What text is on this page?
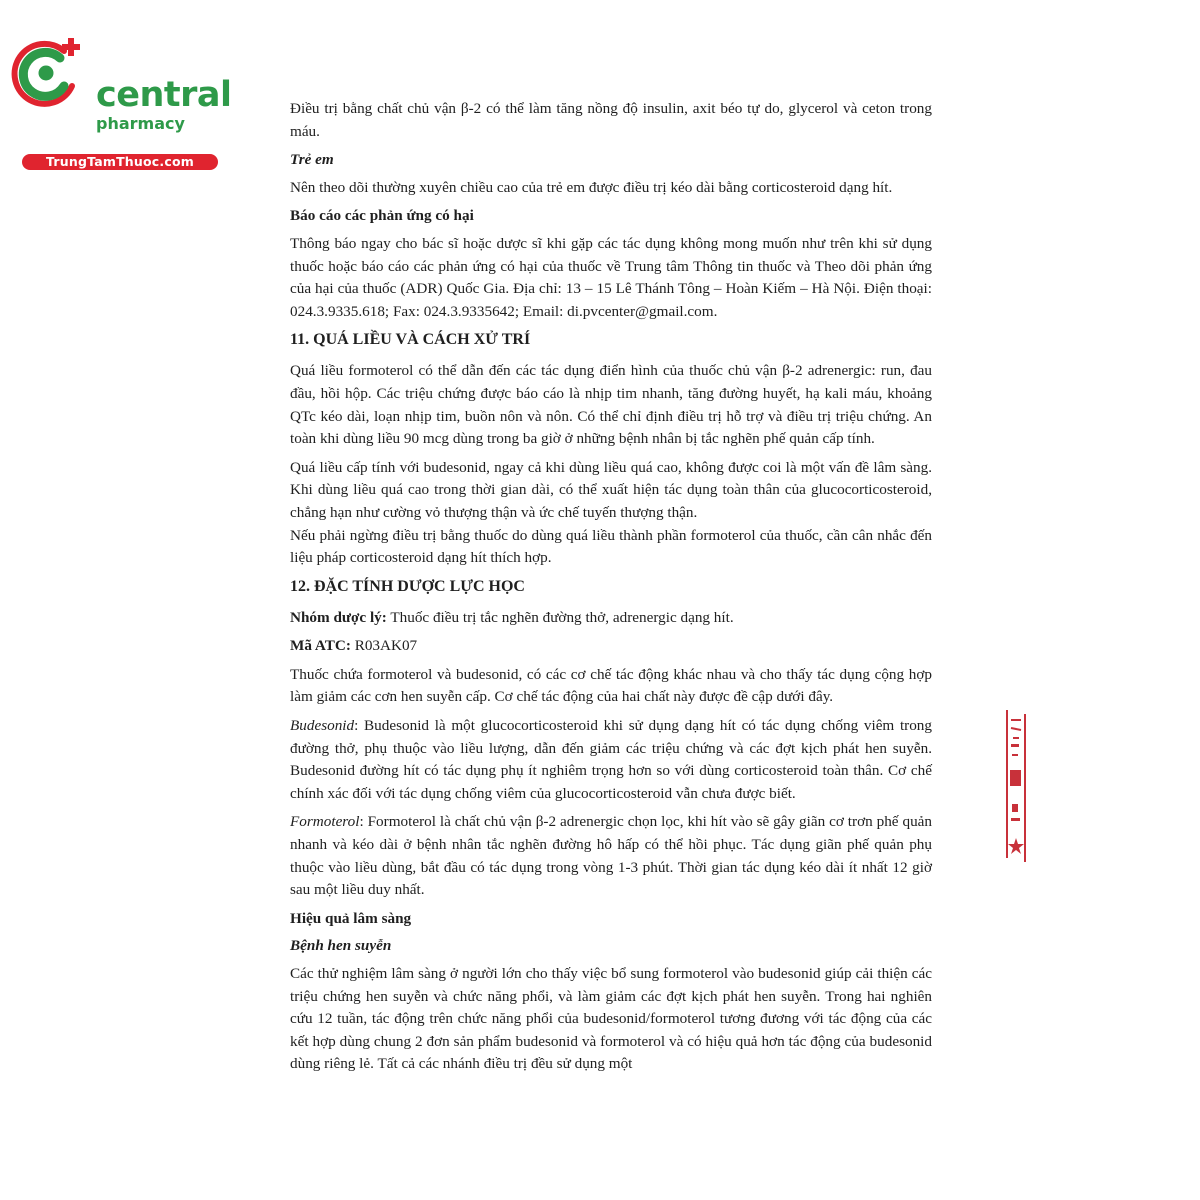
central
pharmacy
TrungTamThuoc.com

Điều trị bằng chất chủ vận β-2 có thể làm tăng nồng độ insulin, axit béo tự do, glycerol và ceton trong máu.

Trẻ em

Nên theo dõi thường xuyên chiều cao của trẻ em được điều trị kéo dài bằng corticosteroid dạng hít.

Báo cáo các phản ứng có hại

Thông báo ngay cho bác sĩ hoặc dược sĩ khi gặp các tác dụng không mong muốn như trên khi sử dụng thuốc hoặc báo cáo các phản ứng có hại của thuốc về Trung tâm Thông tin thuốc và Theo dõi phản ứng của hại của thuốc (ADR) Quốc Gia. Địa chỉ: 13 – 15 Lê Thánh Tông – Hoàn Kiếm – Hà Nội. Điện thoại: 024.3.9335.618; Fax: 024.3.9335642; Email: di.pvcenter@gmail.com.

11. QUÁ LIỀU VÀ CÁCH XỬ TRÍ

Quá liều formoterol có thể dẫn đến các tác dụng điển hình của thuốc chủ vận β-2 adrenergic: run, đau đầu, hồi hộp. Các triệu chứng được báo cáo là nhịp tim nhanh, tăng đường huyết, hạ kali máu, khoảng QTc kéo dài, loạn nhịp tim, buồn nôn và nôn. Có thể chỉ định điều trị hỗ trợ và điều trị triệu chứng. An toàn khi dùng liều 90 mcg dùng trong ba giờ ở những bệnh nhân bị tắc nghẽn phế quản cấp tính.

Quá liều cấp tính với budesonid, ngay cả khi dùng liều quá cao, không được coi là một vấn đề lâm sàng. Khi dùng liều quá cao trong thời gian dài, có thể xuất hiện tác dụng toàn thân của glucocorticosteroid, chẳng hạn như cường vỏ thượng thận và ức chế tuyến thượng thận.

Nếu phải ngừng điều trị bằng thuốc do dùng quá liều thành phần formoterol của thuốc, cần cân nhắc đến liệu pháp corticosteroid dạng hít thích hợp.

12. ĐẶC TÍNH DƯỢC LỰC HỌC

Nhóm dược lý: Thuốc điều trị tắc nghẽn đường thở, adrenergic dạng hít.

Mã ATC: R03AK07

Thuốc chứa formoterol và budesonid, có các cơ chế tác động khác nhau và cho thấy tác dụng cộng hợp làm giảm các cơn hen suyễn cấp. Cơ chế tác động của hai chất này được đề cập dưới đây.

Budesonid: Budesonid là một glucocorticosteroid khi sử dụng dạng hít có tác dụng chống viêm trong đường thở, phụ thuộc vào liều lượng, dẫn đến giảm các triệu chứng và các đợt kịch phát hen suyễn. Budesonid đường hít có tác dụng phụ ít nghiêm trọng hơn so với dùng corticosteroid toàn thân. Cơ chế chính xác đối với tác dụng chống viêm của glucocorticosteroid vẫn chưa được biết.

Formoterol: Formoterol là chất chủ vận β-2 adrenergic chọn lọc, khi hít vào sẽ gây giãn cơ trơn phế quản nhanh và kéo dài ở bệnh nhân tắc nghẽn đường hô hấp có thể hồi phục. Tác dụng giãn phế quản phụ thuộc vào liều dùng, bắt đầu có tác dụng trong vòng 1-3 phút. Thời gian tác dụng kéo dài ít nhất 12 giờ sau một liều duy nhất.

Hiệu quả lâm sàng

Bệnh hen suyễn

Các thử nghiệm lâm sàng ở người lớn cho thấy việc bổ sung formoterol vào budesonid giúp cải thiện các triệu chứng hen suyễn và chức năng phổi, và làm giảm các đợt kịch phát hen suyễn. Trong hai nghiên cứu 12 tuần, tác động trên chức năng phổi của budesonid/formoterol tương đương với tác động của các kết hợp dùng chung 2 đơn sản phẩm budesonid và formoterol và có hiệu quả hơn tác động của budesonid dùng riêng lẻ. Tất cả các nhánh điều trị đều sử dụng một
